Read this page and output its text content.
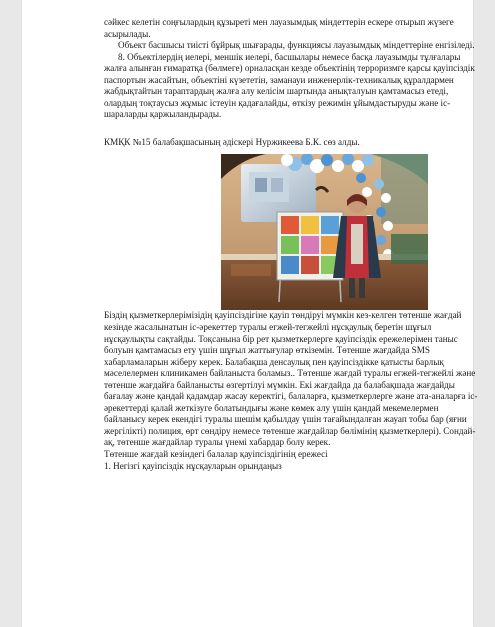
сәйкес келетін соңғылардың құзыреті мен лауазымдық міндеттерін ескере отырып жүзеге асырылады.

Объект басшысы тиісті бұйрық шығарады, функциясы лауазымдық міндеттеріне енгізіледі.

8. Объектілердің иелері, меншік иелері, басшылары немесе басқа лауазымды тұлғалары жалға алынған ғимаратқа (бөлмеге) орналасқан кезде объектінің терроризмге қарсы қауіпсіздік паспортын жасайтын, объектіні күзететін, заманауи инженерлік-техникалық құралдармен жабдықтайтын тараптардың жалға алу келісім шартында анықталуын қамтамасыз етеді, олардың тоқтаусыз жұмыс істеуін қадағалайды, өткізу режимін ұйымдастыруды және іс-шараларды қаржыландырады.

КМҚК №15 балабақшасының әдіскері Нуржикеева Б.К. сөз алды.

Біздің қызметкерлерімізідің қауіпсіздігіне қауіп төндіруі мүмкін кез-келген төтенше жағдай кезінде жасалынатын іс-әрекеттер туралы егжей-тегжейлі нұсқаулық беретін шұғыл нұсқаулықты сақтайды. Тоқсанына бір рет қызметкерлерге қауіпсіздік ережелерімен таныс болуын қамтамасыз ету үшін шұғыл жаттығулар өткіземін. Төтенше жағдайда SMS хабарламаларын жіберу керек. Балабақша денсаулық пен қауіпсіздікке қатысты барлық мәселелермен клиникамен байланыста боламыз.. Төтенше жағдай туралы егжей-тегжейлі және төтенше жағдайға байланысты өзгертілуі мүмкін. Екі жағдайда да балабақшада жағдайды бағалау және қандай қадамдар жасау керектігі, балаларға, қызметкерлерге және ата-аналарға іс-әрекеттерді қалай жеткізуге болатындығы және көмек алу үшін қандай мекемелермен байланысу керек екендігі туралы шешім қабылдау үшін тағайындалған жауап тобы бар (яғни жергілікті) полиция, өрт сөндіру немесе төтенше жағдайлар бөлімінің қызметкерлері). Сондай-ақ, төтенше жағдайлар туралы үнемі хабардар болу керек.

Төтенше жағдай кезіндегі балалар қауіпсіздігінің ережесі

1. Негізгі қауіпсіздік нұсқауларын орындаңыз
